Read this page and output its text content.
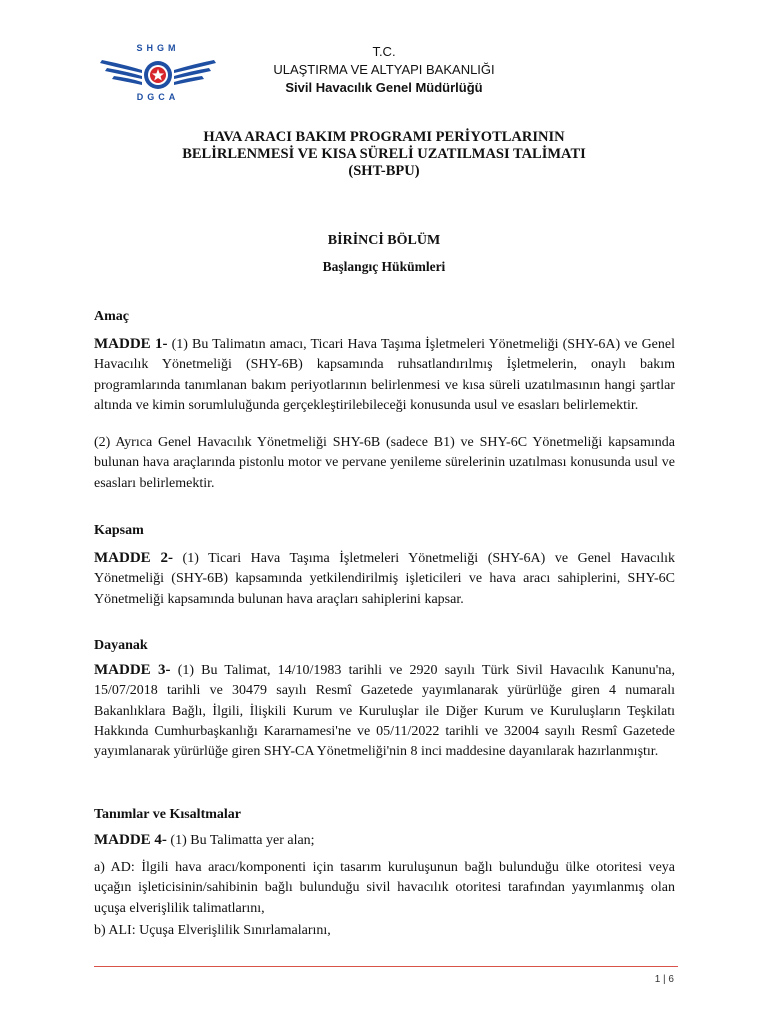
SHGM
DGCA
T.C.
ULAŞTIRMA VE ALTYAPI BAKANLIĞI
Sivil Havacılık Genel Müdürlüğü
HAVA ARACI BAKIM PROGRAMI PERİYOTLARININ
BELİRLENMESİ VE KISA SÜRELİ UZATILMASI TALİMATI
(SHT-BPU)
BİRİNCİ BÖLÜM
Başlangıç Hükümleri
Amaç

MADDE 1- (1) Bu Talimatın amacı, Ticari Hava Taşıma İşletmeleri Yönetmeliği (SHY-6A) ve Genel Havacılık Yönetmeliği (SHY-6B) kapsamında ruhsatlandırılmış İşletmelerin, onaylı bakım programlarında tanımlanan bakım periyotlarının belirlenmesi ve kısa süreli uzatılmasının hangi şartlar altında ve kimin sorumluluğunda gerçekleştirilebileceği konusunda usul ve esasları belirlemektir.

(2) Ayrıca Genel Havacılık Yönetmeliği SHY-6B (sadece B1) ve SHY-6C Yönetmeliği kapsamında bulunan hava araçlarında pistonlu motor ve pervane yenileme sürelerinin uzatılması konusunda usul ve esasları belirlemektir.

Kapsam

MADDE 2- (1) Ticari Hava Taşıma İşletmeleri Yönetmeliği (SHY-6A) ve Genel Havacılık Yönetmeliği (SHY-6B) kapsamında yetkilendirilmiş işleticileri ve hava aracı sahiplerini, SHY-6C Yönetmeliği kapsamında bulunan hava araçları sahiplerini kapsar.

Dayanak

MADDE 3- (1) Bu Talimat, 14/10/1983 tarihli ve 2920 sayılı Türk Sivil Havacılık Kanunu'na, 15/07/2018 tarihli ve 30479 sayılı Resmî Gazetede yayımlanarak yürürlüğe giren 4 numaralı Bakanlıklara Bağlı, İlgili, İlişkili Kurum ve Kuruluşlar ile Diğer Kurum ve Kuruluşların Teşkilatı Hakkında Cumhurbaşkanlığı Kararnamesi'ne ve 05/11/2022 tarihli ve 32004 sayılı Resmî Gazetede yayımlanarak yürürlüğe giren SHY-CA Yönetmeliği'nin 8 inci maddesine dayanılarak hazırlanmıştır.

Tanımlar ve Kısaltmalar

MADDE 4- (1) Bu Talimatta yer alan;

a) AD: İlgili hava aracı/komponenti için tasarım kuruluşunun bağlı bulunduğu ülke otoritesi veya uçağın işleticisinin/sahibinin bağlı bulunduğu sivil havacılık otoritesi tarafından yayımlanmış olan uçuşa elverişlilik talimatlarını,

b) ALI: Uçuşa Elverişlilik Sınırlamalarını,

1 | 6
